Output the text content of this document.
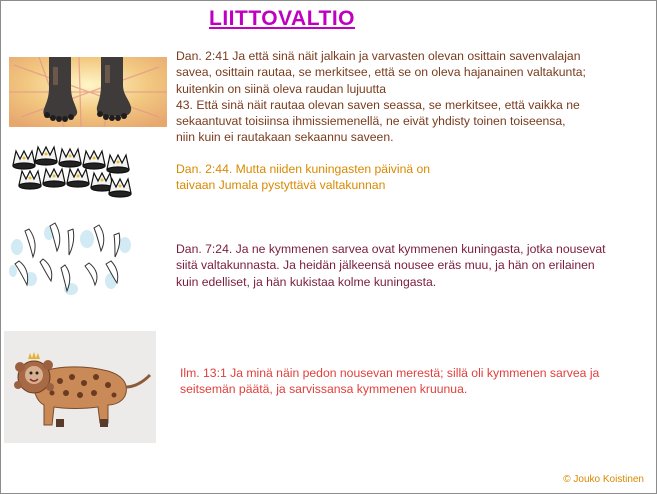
LIITTOVALTIO

Dan. 2:41 Ja että sinä näit jalkain ja varvasten olevan osittain savenvalajan
savea, osittain rautaa, se merkitsee, että se on oleva hajanainen valtakunta;
kuitenkin on siinä oleva raudan lujuutta
43. Että sinä näit rautaa olevan saven seassa, se merkitsee, että vaikka ne
sekaantuvat toisiinsa ihmissiemenellä, ne eivät yhdisty toinen toiseensa,
niin kuin ei rautakaan sekaannu saveen.

Dan. 2:44. Mutta niiden kuningasten päivinä on
taivaan Jumala pystyttävä valtakunnan

Dan. 7:24. Ja ne kymmenen sarvea ovat kymmenen kuningasta, jotka nousevat
siitä valtakunnasta. Ja heidän jälkeensä nousee eräs muu, ja hän on erilainen
kuin edelliset, ja hän kukistaa kolme kuningasta.

Ilm. 13:1 Ja minä näin pedon nousevan merestä; sillä oli kymmenen sarvea ja
seitsemän päätä, ja sarvissansa kymmenen kruunua.

© Jouko Koistinen
